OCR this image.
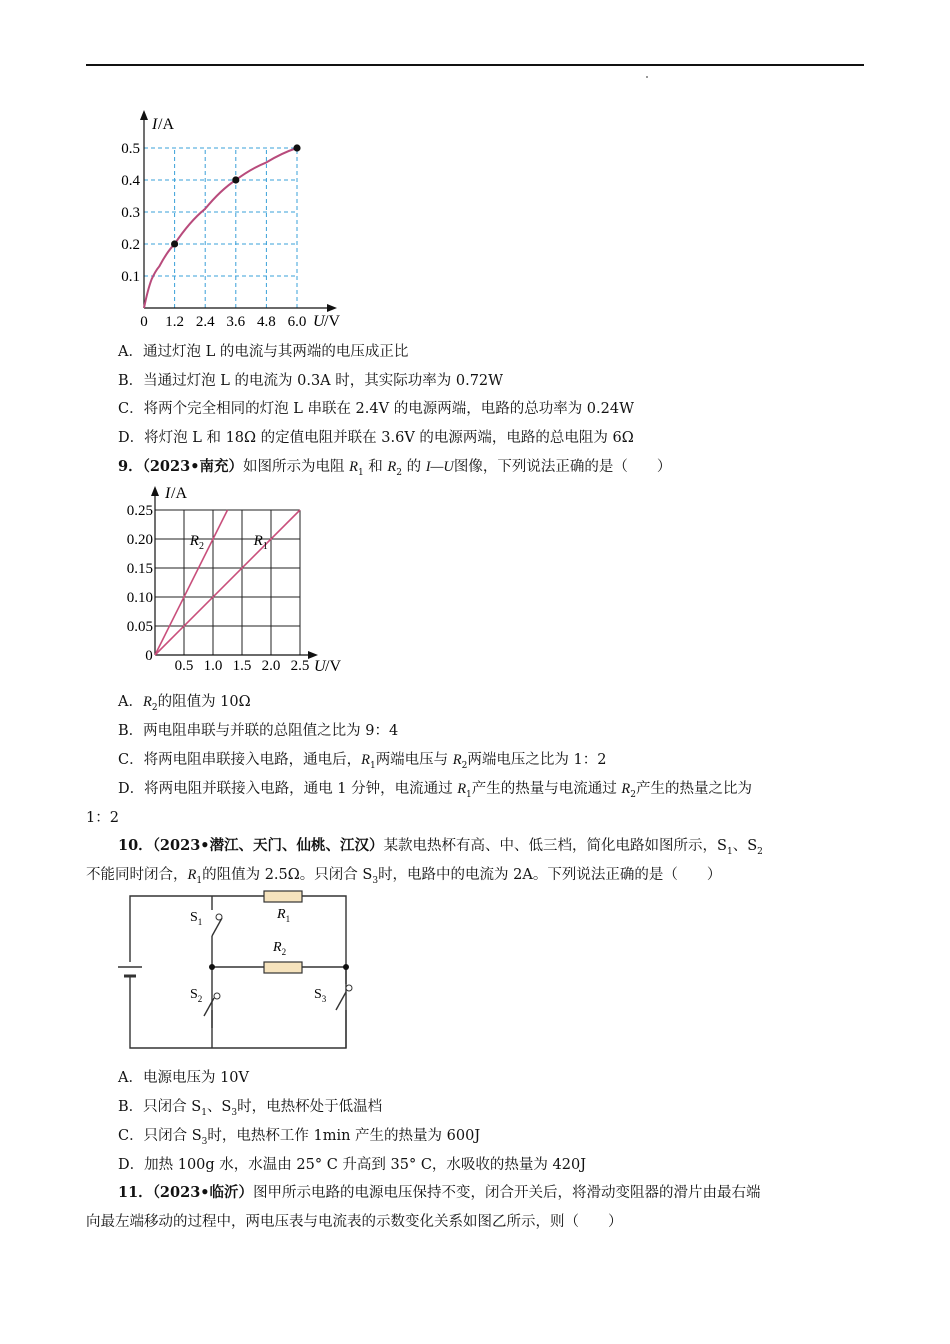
0 1.2 2.4 3.6 4.8 6.0
0.1
0.2
0.3
0.4
0.5
I /A
U /V
A．通过灯泡 L 的电流与其两端的电压成正比
B．当通过灯泡 L 的电流为 0.3A 时，其实际功率为 0.72W
C．将两个完全相同的灯泡 L 串联在 2.4V 的电源两端，电路的总功率为 0.24W
D．将灯泡 L 和 18Ω 的定值电阻并联在 3.6V 的电源两端，电路的总电阻为 6Ω
9．（2023•南充）如图所示为电阻 $R_1$ 和 $R_2$ 的 I—U图像，下列说法正确的是（　　）
0
0.5 1.0 1.5 2.0 2.5
0.05
0.10
0.15
0.20
0.25
$R_1$
$R_2$
I /A
U /V
A．$R_2$的阻值为 10Ω
B．两电阻串联与并联的总阻值之比为 9：4
C．将两电阻串联接入电路，通电后，$R_1$两端电压与 $R_2$两端电压之比为 1：2
D．将两电阻并联接入电路，通电 1 分钟，电流通过 $R_1$产生的热量与电流通过 $R_2$产生的热量之比为
1：2
10．（2023•潜江、天门、仙桃、江汉）某款电热杯有高、中、低三档，简化电路如图所示，$S_1$、$S_2$
不能同时闭合，$R_1$的阻值为 2.5Ω。只闭合 $S_3$时，电路中的电流为 2A。下列说法正确的是（　　）
$S_1$	$R_1$
$R_2$
$S_2$	$S_3$
A．电源电压为 10V
B．只闭合 $S_1$、$S_3$时，电热杯处于低温档
C．只闭合 $S_3$时，电热杯工作 1min 产生的热量为 600J
D．加热 100g 水，水温由 25° C 升高到 35° C，水吸收的热量为 420J
11．（2023•临沂）图甲所示电路的电源电压保持不变，闭合开关后，将滑动变阻器的滑片由最右端
向最左端移动的过程中，两电压表与电流表的示数变化关系如图乙所示，则（　　）
